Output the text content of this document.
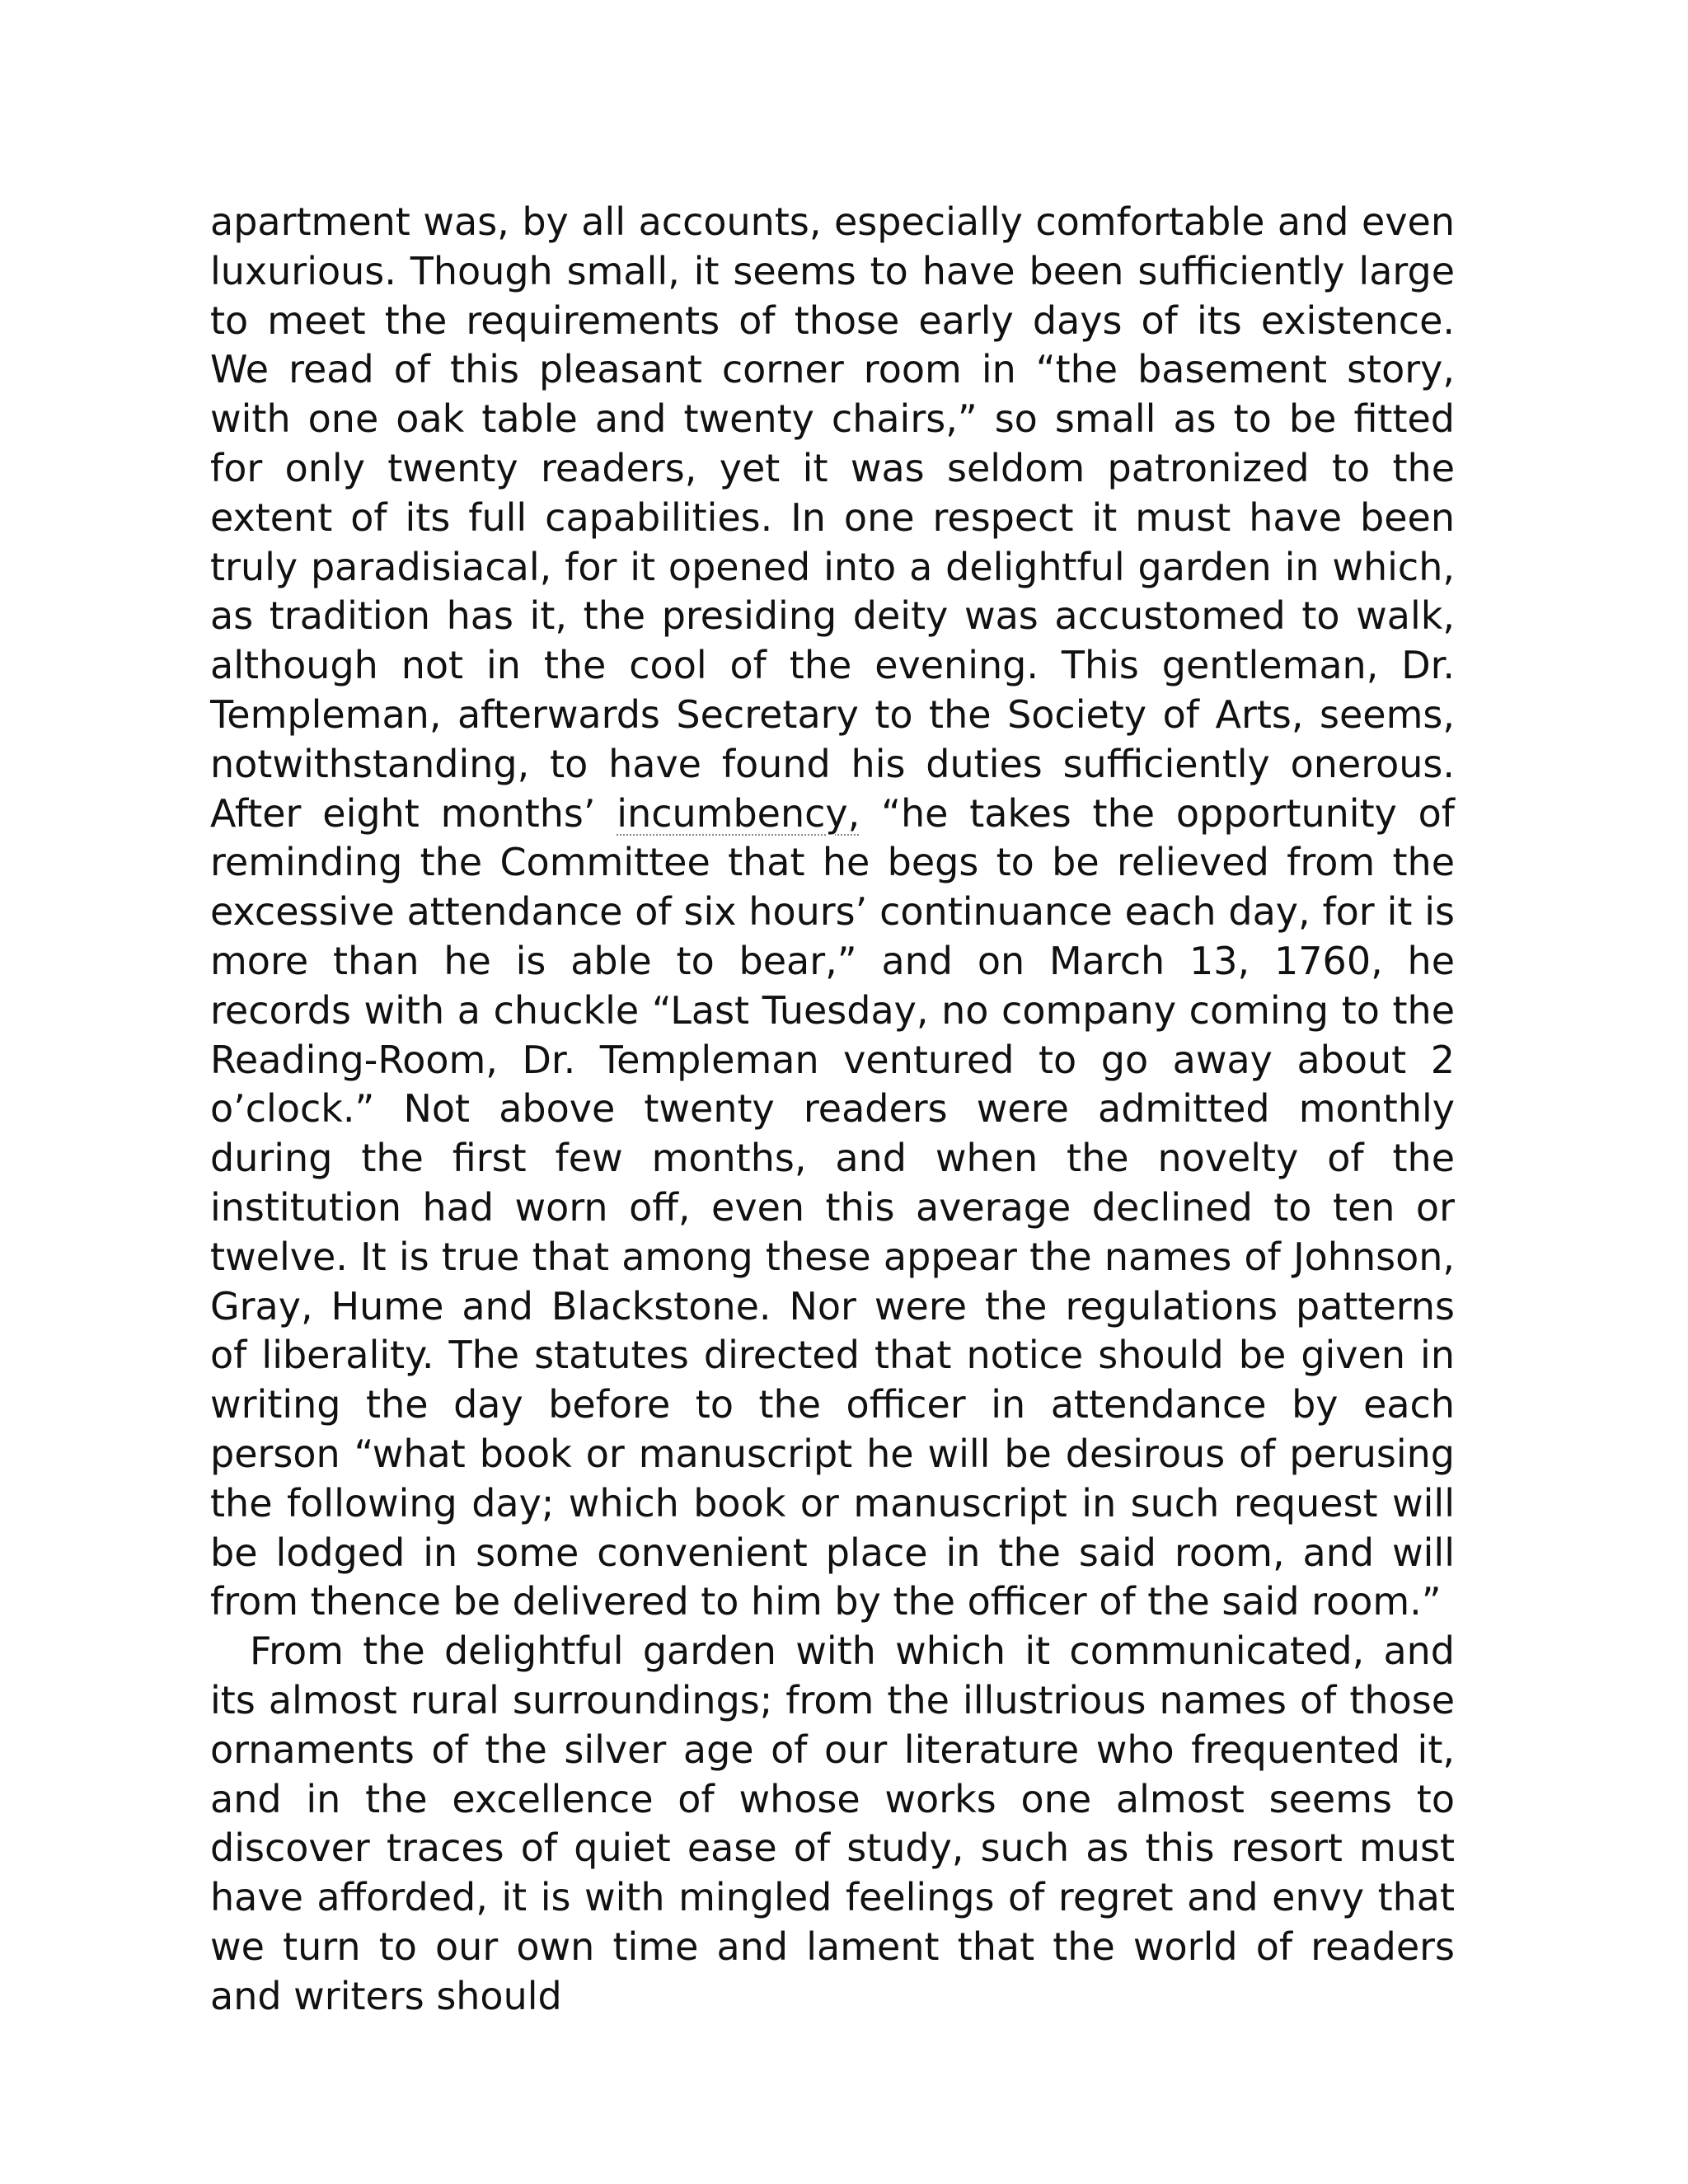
apartment was, by all accounts, especially comfortable and even luxurious. Though small, it seems to have been sufficiently large to meet the requirements of those early days of its existence. We read of this pleasant corner room in “the basement story, with one oak table and twenty chairs,” so small as to be fitted for only twenty readers, yet it was seldom patronized to the extent of its full capabilities. In one respect it must have been truly paradisiacal, for it opened into a delightful garden in which, as tradition has it, the presiding deity was accustomed to walk, although not in the cool of the evening. This gentleman, Dr. Templeman, afterwards Secretary to the Society of Arts, seems, notwithstanding, to have found his duties sufficiently onerous. After eight months’ incumbency, “he takes the opportunity of reminding the Committee that he begs to be relieved from the excessive attendance of six hours’ continuance each day, for it is more than he is able to bear,” and on March 13, 1760, he records with a chuckle “Last Tuesday, no company coming to the Reading-Room, Dr. Templeman ventured to go away about 2 o’clock.” Not above twenty readers were admitted monthly during the first few months, and when the novelty of the institution had worn off, even this average declined to ten or twelve. It is true that among these appear the names of Johnson, Gray, Hume and Blackstone. Nor were the regulations patterns of liberality. The statutes directed that notice should be given in writing the day before to the officer in attendance by each person “what book or manuscript he will be desirous of perusing the following day; which book or manuscript in such request will be lodged in some convenient place in the said room, and will from thence be delivered to him by the officer of the said room.”

From the delightful garden with which it communicated, and its almost rural surroundings; from the illustrious names of those ornaments of the silver age of our literature who frequented it, and in the excellence of whose works one almost seems to discover traces of quiet ease of study, such as this resort must have afforded, it is with mingled feelings of regret and envy that we turn to our own time and lament that the world of readers and writers should
